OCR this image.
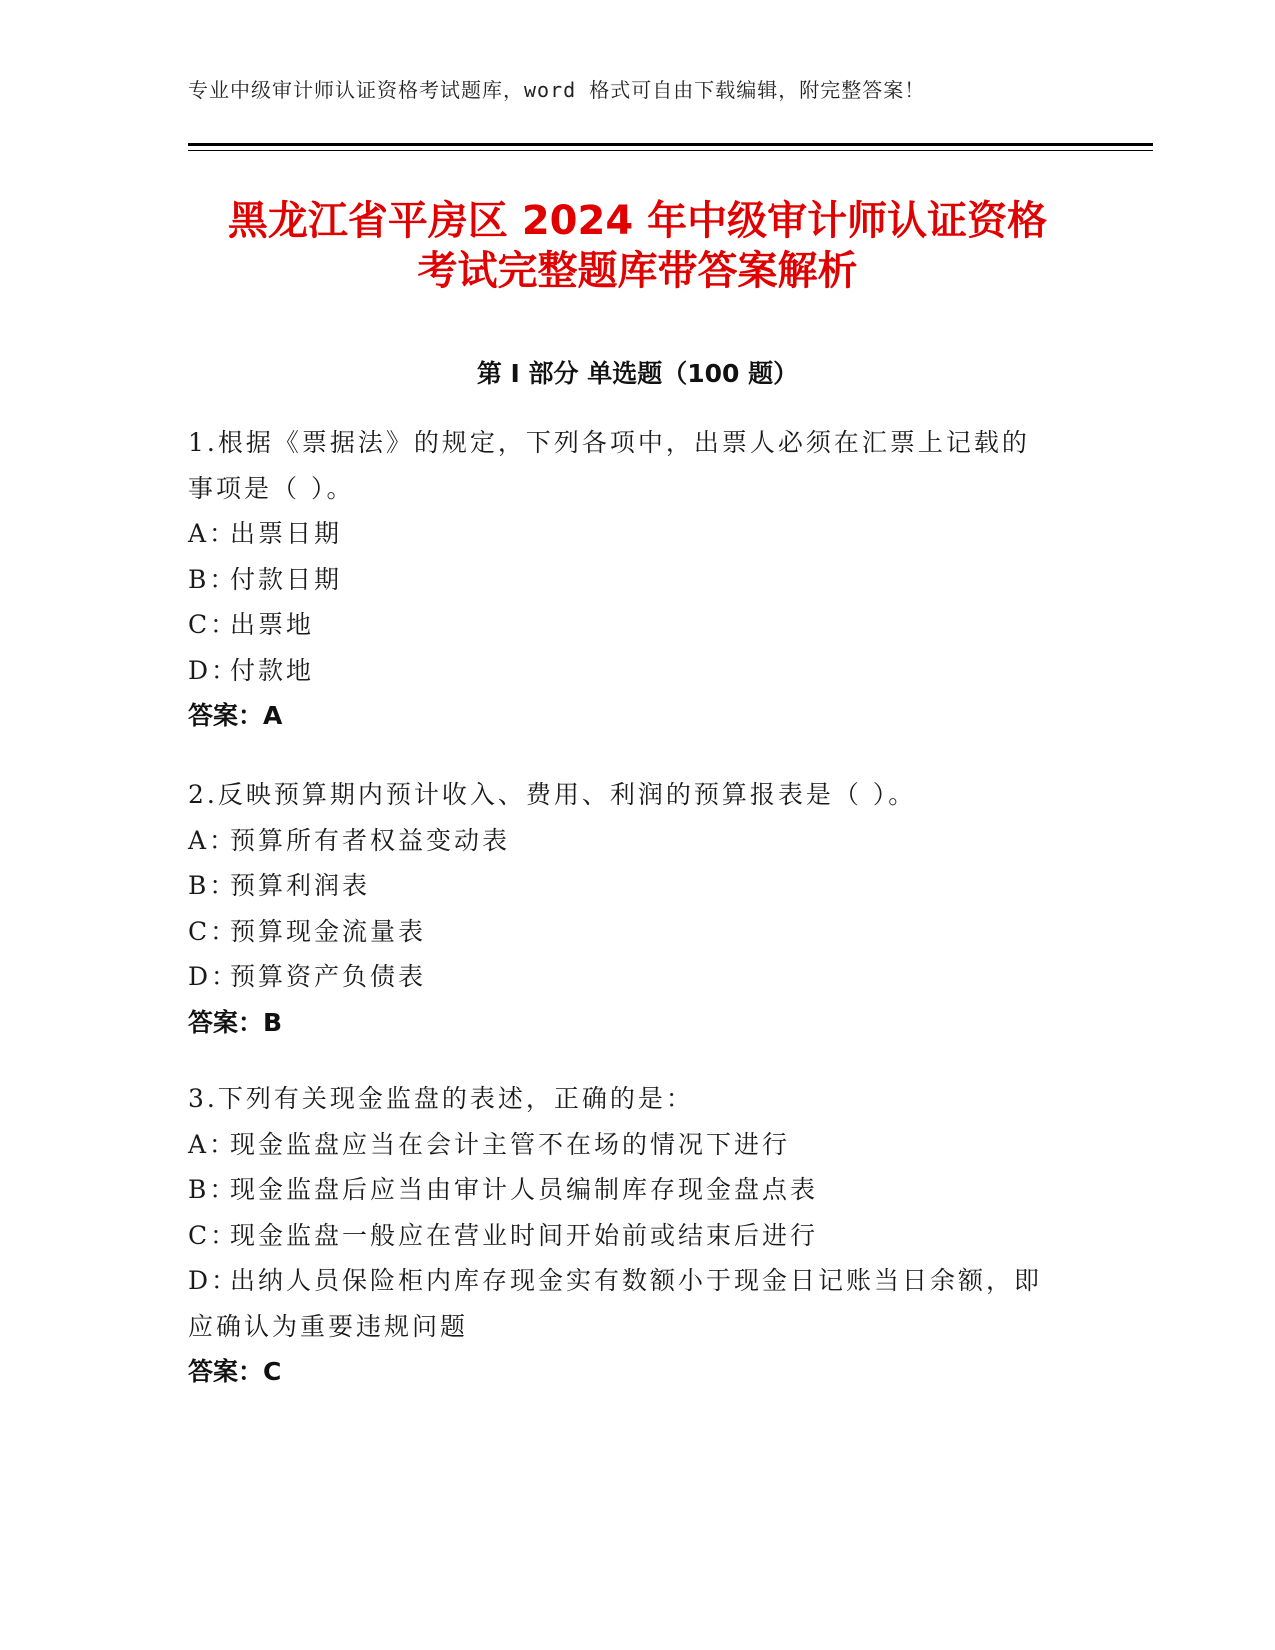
专业中级审计师认证资格考试题库，word 格式可自由下载编辑，附完整答案！
黑龙江省平房区 2024 年中级审计师认证资格
考试完整题库带答案解析
第 I 部分 单选题（100 题）
1.根据《票据法》的规定，下列各项中，出票人必须在汇票上记载的
事项是（ ）。
A：出票日期
B：付款日期
C：出票地
D：付款地
答案：A
2.反映预算期内预计收入、费用、利润的预算报表是（ ）。
A：预算所有者权益变动表
B：预算利润表
C：预算现金流量表
D：预算资产负债表
答案：B
3.下列有关现金监盘的表述，正确的是：
A：现金监盘应当在会计主管不在场的情况下进行
B：现金监盘后应当由审计人员编制库存现金盘点表
C：现金监盘一般应在营业时间开始前或结束后进行
D：出纳人员保险柜内库存现金实有数额小于现金日记账当日余额，即
应确认为重要违规问题
答案：C
